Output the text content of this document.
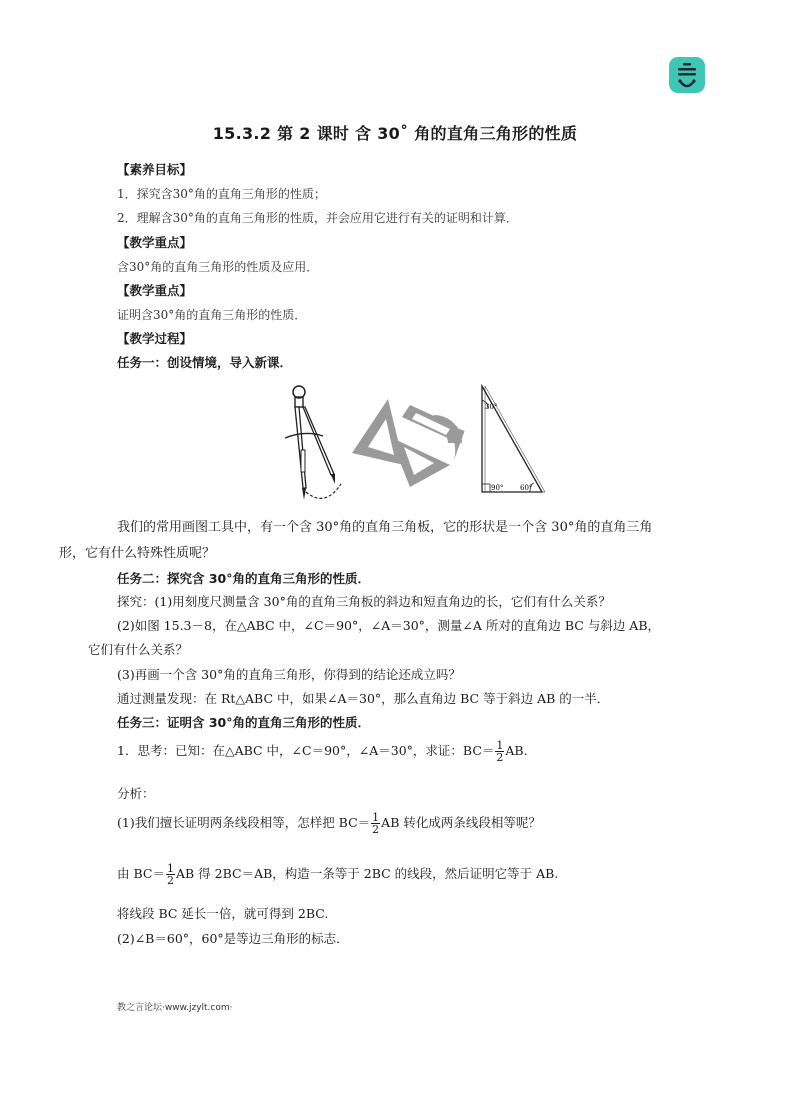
15.3.2 第 2 课时 含 30˚ 角的直角三角形的性质
【素养目标】
1．探究含30°角的直角三角形的性质；
2．理解含30°角的直角三角形的性质，并会应用它进行有关的证明和计算．
【教学重点】
含30°角的直角三角形的性质及应用．
【教学重点】
证明含30°角的直角三角形的性质．
【教学过程】
任务一：创设情境，导入新课．
30°
90° 60°

我们的常用画图工具中，有一个含 30°角的直角三角板，它的形状是一个含 30°角的直角三角
形，它有什么特殊性质呢？

任务二：探究含 30°角的直角三角形的性质．
探究：(1)用刻度尺测量含 30°角的直角三角板的斜边和短直角边的长，它们有什么关系？
(2)如图 15.3－8，在△ABC 中，∠C＝90°，∠A＝30°，测量∠A 所对的直角边 BC 与斜边 AB，
它们有什么关系？
(3)再画一个含 30°角的直角三角形，你得到的结论还成立吗？
通过测量发现：在 Rt△ABC 中，如果∠A＝30°，那么直角边 BC 等于斜边 AB 的一半．
任务三：证明含 30°角的直角三角形的性质．
1．思考：已知：在△ABC 中，∠C＝90°，∠A＝30°，求证：$BC= \frac{1}{2}$ AB.
分析：
(1)我们擅长证明两条线段相等，怎样把 $BC= \frac{1}{2}$ AB 转化成两条线段相等呢？
由 $BC= \frac{1}{2}$ AB 得 2BC＝AB，构造一条等于 2BC 的线段，然后证明它等于 AB.
将线段 BC 延长一倍，就可得到 2BC.
(2)∠B＝60°，60°是等边三角形的标志．
教之言论坛·www.jzylt.com·
